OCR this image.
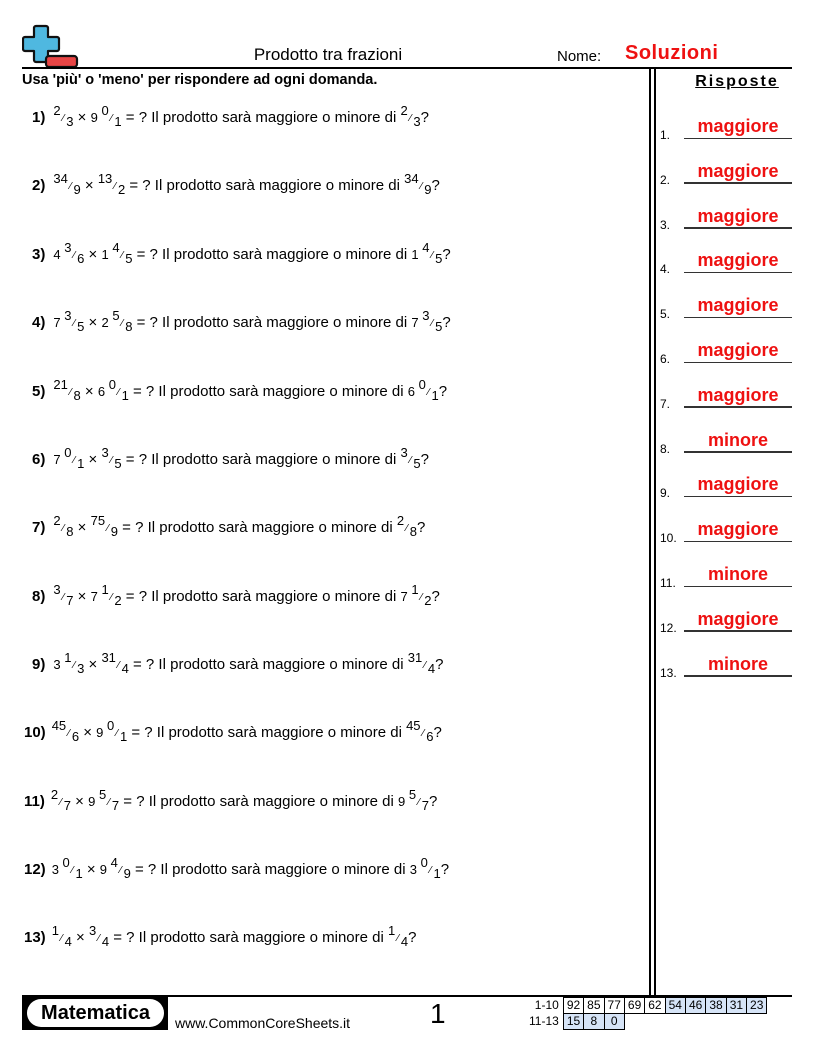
Prodotto tra frazioni	Nome: Soluzioni
Usa 'più' o 'meno' per rispondere ad ogni domanda.
1) $^2$⁄ $_3$ × 9 $^0$⁄ $_1$ = ? Il prodotto sarà maggiore o minore di $^2$⁄ $_3$?
2) $^{34}$⁄ $_9$ × $^{13}$⁄ $_2$ = ? Il prodotto sarà maggiore o minore di $^{34}$⁄ $_9$?
3) 4 $^3$⁄ $_6$ × 1 $^4$⁄ $_5$ = ? Il prodotto sarà maggiore o minore di 1 $^4$⁄ $_5$?
4) 7 $^3$⁄ $_5$ × 2 $^5$⁄ $_8$ = ? Il prodotto sarà maggiore o minore di 7 $^3$⁄ $_5$?
5) $^{21}$⁄ $_8$ × 6 $^0$⁄ $_1$ = ? Il prodotto sarà maggiore o minore di 6 $^0$⁄ $_1$?
6) 7 $^0$⁄ $_1$ × $^3$⁄ $_5$ = ? Il prodotto sarà maggiore o minore di $^3$⁄ $_5$?
7) $^2$⁄ $_8$ × $^{75}$⁄ $_9$ = ? Il prodotto sarà maggiore o minore di $^2$⁄ $_8$?
8) $^3$⁄ $_7$ × 7 $^1$⁄ $_2$ = ? Il prodotto sarà maggiore o minore di 7 $^1$⁄ $_2$?
9) 3 $^1$⁄ $_3$ × $^{31}$⁄ $_4$ = ? Il prodotto sarà maggiore o minore di $^{31}$⁄ $_4$?
10) $^{45}$⁄ $_6$ × 9 $^0$⁄ $_1$ = ? Il prodotto sarà maggiore o minore di $^{45}$⁄ $_6$?
11) $^2$⁄ $_7$ × 9 $^5$⁄ $_7$ = ? Il prodotto sarà maggiore o minore di 9 $^5$⁄ $_7$?
12) 3 $^0$⁄ $_1$ × 9 $^4$⁄ $_9$ = ? Il prodotto sarà maggiore o minore di 3 $^0$⁄ $_1$?
13) $^1$⁄ $_4$ × $^3$⁄ $_4$ = ? Il prodotto sarà maggiore o minore di $^1$⁄ $_4$?
Risposte
1.	maggiore
2.	maggiore
3.	maggiore
4.	maggiore
5.	maggiore
6.	maggiore
7.	maggiore
8.	minore
9.	maggiore
10.	maggiore
11.	minore
12.	maggiore
13.	minore
Matematica	www.CommonCoreSheets.it	1	1-10	92	85	77	69	62	54	46	38	31	23
11-13	15	8	0							
